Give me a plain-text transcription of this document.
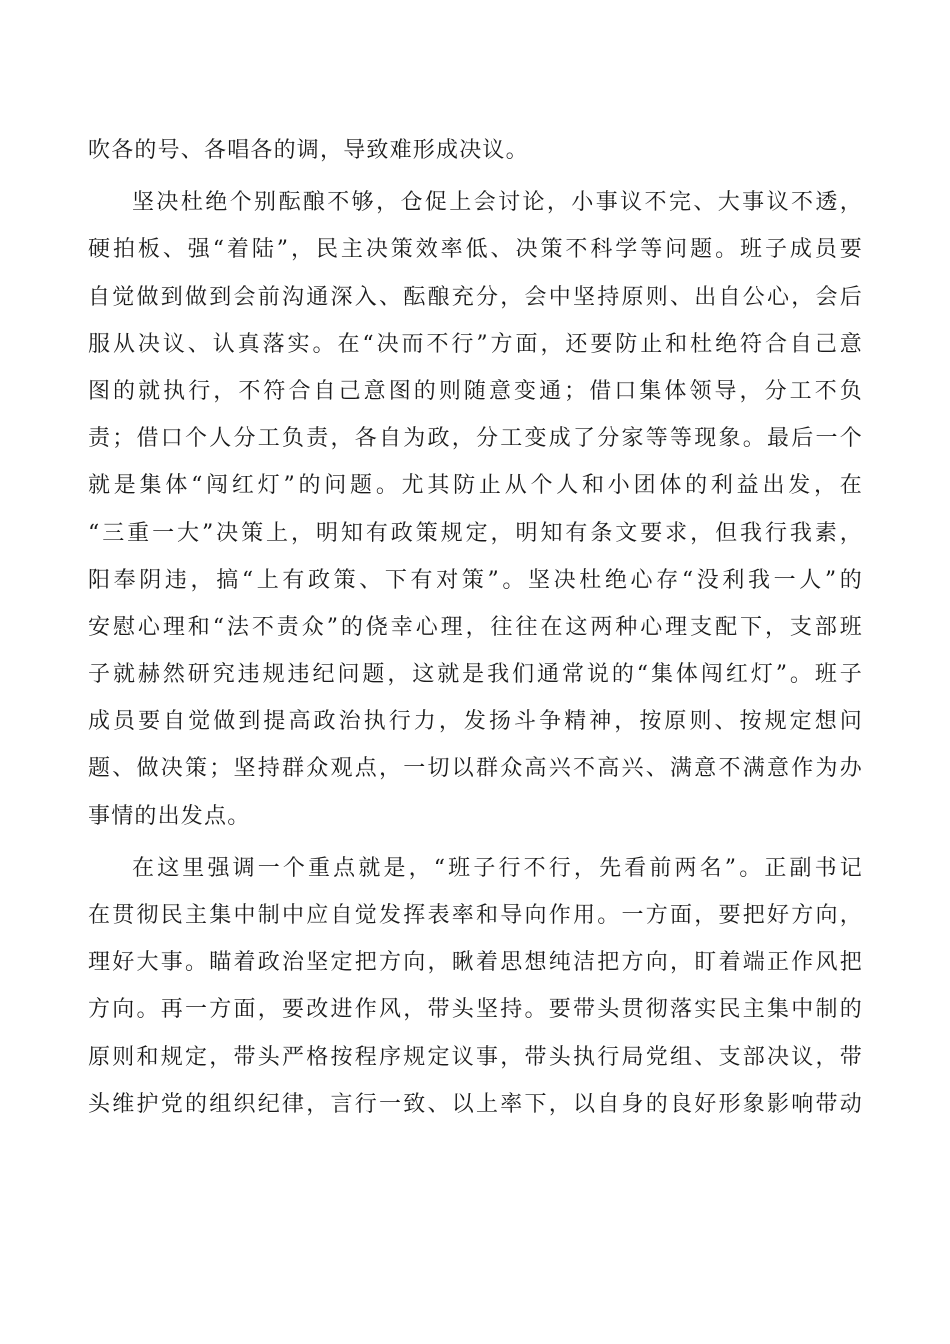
吹各的号、各唱各的调，导致难形成决议。
坚决杜绝个别酝酿不够，仓促上会讨论，小事议不完、大事议不透，
硬拍板、强“着陆”，民主决策效率低、决策不科学等问题。班子成员要
自觉做到做到会前沟通深入、酝酿充分，会中坚持原则、出自公心，会后
服从决议、认真落实。在“决而不行”方面，还要防止和杜绝符合自己意
图的就执行，不符合自己意图的则随意变通；借口集体领导，分工不负
责；借口个人分工负责，各自为政，分工变成了分家等等现象。最后一个
就是集体“闯红灯”的问题。尤其防止从个人和小团体的利益出发，在
“三重一大”决策上，明知有政策规定，明知有条文要求，但我行我素，
阳奉阴违，搞“上有政策、下有对策”。坚决杜绝心存“没利我一人”的
安慰心理和“法不责众”的侥幸心理，往往在这两种心理支配下，支部班
子就赫然研究违规违纪问题，这就是我们通常说的“集体闯红灯”。班子
成员要自觉做到提高政治执行力，发扬斗争精神，按原则、按规定想问
题、做决策；坚持群众观点，一切以群众高兴不高兴、满意不满意作为办
事情的出发点。
在这里强调一个重点就是，“班子行不行，先看前两名”。正副书记
在贯彻民主集中制中应自觉发挥表率和导向作用。一方面，要把好方向，
理好大事。瞄着政治坚定把方向，瞅着思想纯洁把方向，盯着端正作风把
方向。再一方面，要改进作风，带头坚持。要带头贯彻落实民主集中制的
原则和规定，带头严格按程序规定议事，带头执行局党组、支部决议，带
头维护党的组织纪律，言行一致、以上率下，以自身的良好形象影响带动
